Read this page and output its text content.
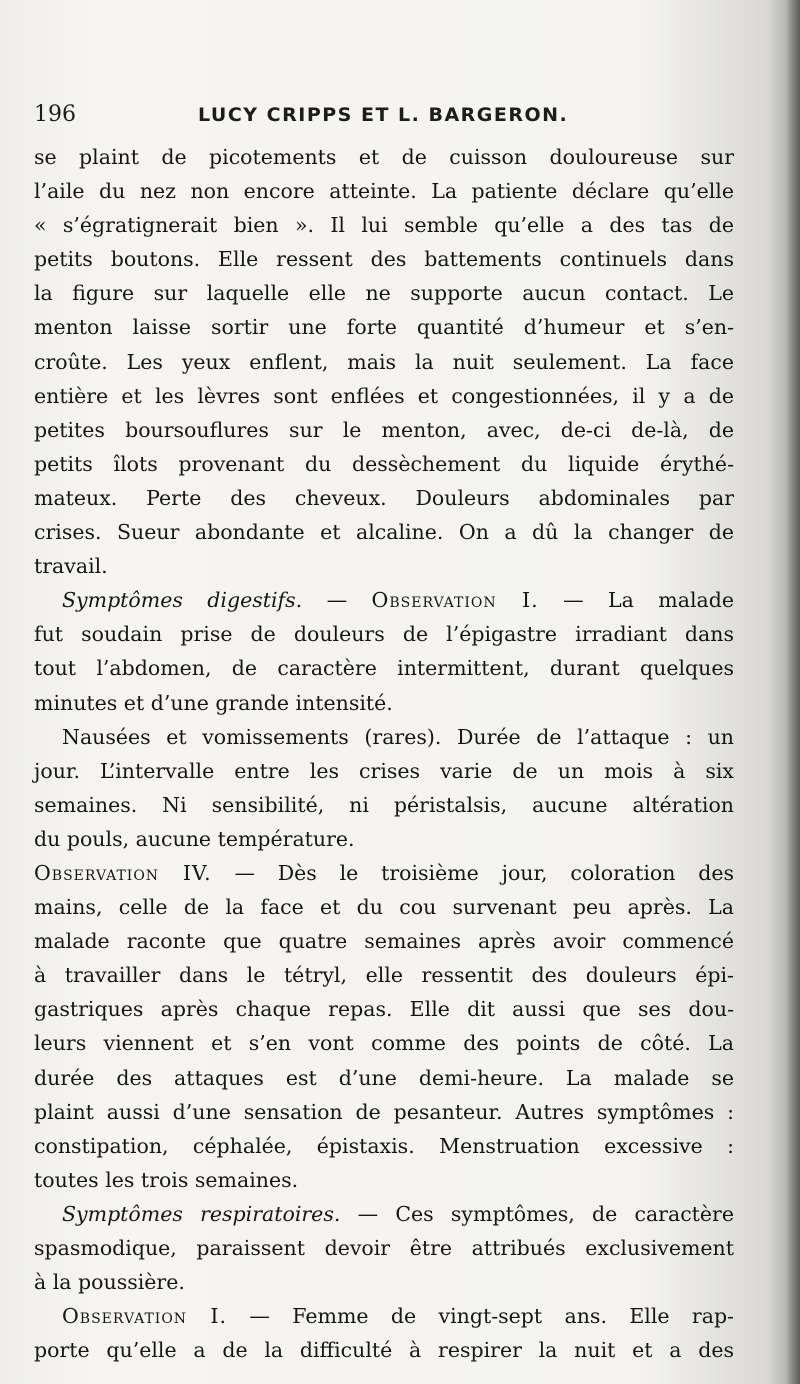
196	LUCY CRIPPS ET L. BARGERON.
se plaint de picotements et de cuisson douloureuse sur
l’aile du nez non encore atteinte. La patiente déclare qu’elle
« s’égratignerait bien ». Il lui semble qu’elle a des tas de
petits boutons. Elle ressent des battements continuels dans
la figure sur laquelle elle ne supporte aucun contact. Le
menton laisse sortir une forte quantité d’humeur et s’en-
croûte. Les yeux enflent, mais la nuit seulement. La face
entière et les lèvres sont enflées et congestionnées, il y a de
petites boursouflures sur le menton, avec, de-ci de-là, de
petits îlots provenant du dessèchement du liquide érythé-
mateux. Perte des cheveux. Douleurs abdominales par
crises. Sueur abondante et alcaline. On a dû la changer de
travail.
Symptômes digestifs. — Observation I. — La malade
fut soudain prise de douleurs de l’épigastre irradiant dans
tout l’abdomen, de caractère intermittent, durant quelques
minutes et d’une grande intensité.
Nausées et vomissements (rares). Durée de l’attaque : un
jour. L’intervalle entre les crises varie de un mois à six
semaines. Ni sensibilité, ni péristalsis, aucune altération
du pouls, aucune température.
Observation IV. — Dès le troisième jour, coloration des
mains, celle de la face et du cou survenant peu après. La
malade raconte que quatre semaines après avoir commencé
à travailler dans le tétryl, elle ressentit des douleurs épi-
gastriques après chaque repas. Elle dit aussi que ses dou-
leurs viennent et s’en vont comme des points de côté. La
durée des attaques est d’une demi-heure. La malade se
plaint aussi d’une sensation de pesanteur. Autres symptômes :
constipation, céphalée, épistaxis. Menstruation excessive :
toutes les trois semaines.
Symptômes respiratoires. — Ces symptômes, de caractère
spasmodique, paraissent devoir être attribués exclusivement
à la poussière.
Observation I. — Femme de vingt-sept ans. Elle rap-
porte qu’elle a de la difficulté à respirer la nuit et a des
